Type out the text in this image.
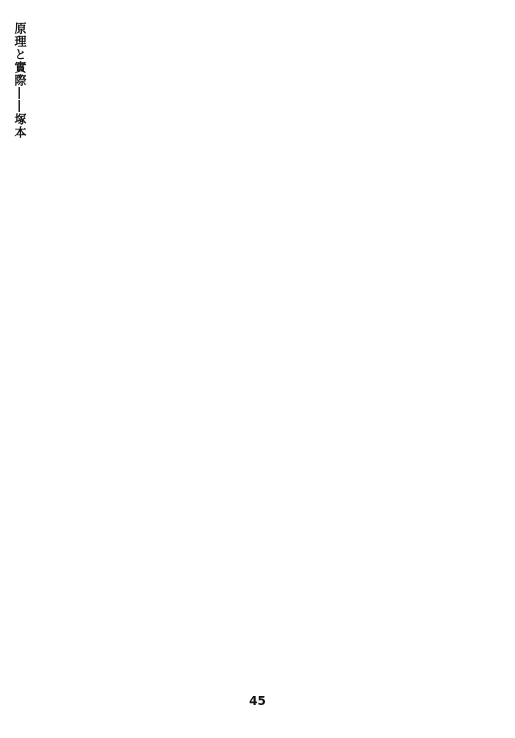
原理と實際――塚本
45
